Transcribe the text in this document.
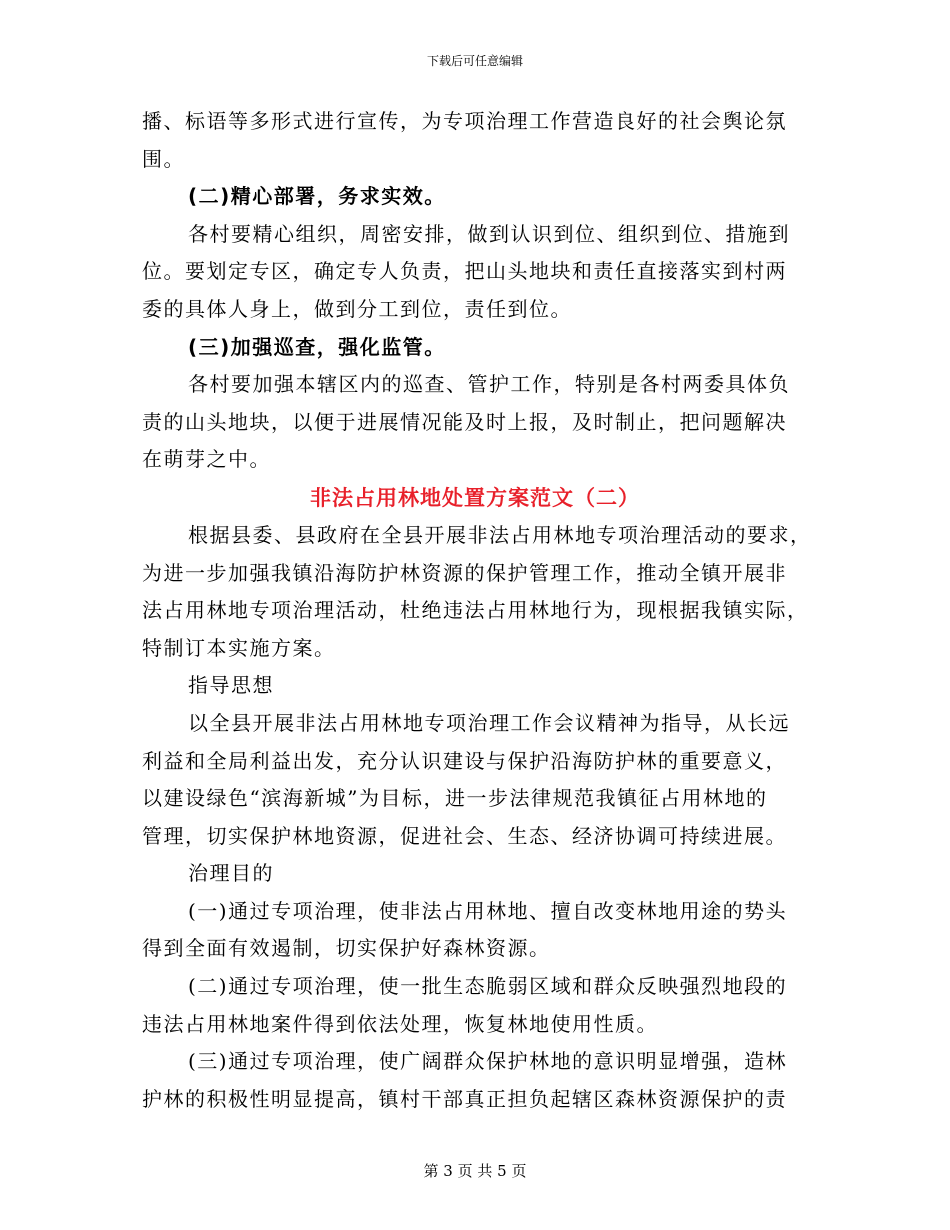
下载后可任意编辑
播、标语等多形式进行宣传，为专项治理工作营造良好的社会舆论氛
围。
(二)精心部署，务求实效。
各村要精心组织，周密安排，做到认识到位、组织到位、措施到
位。要划定专区，确定专人负责，把山头地块和责任直接落实到村两
委的具体人身上，做到分工到位，责任到位。
(三)加强巡查，强化监管。
各村要加强本辖区内的巡查、管护工作，特别是各村两委具体负
责的山头地块，以便于进展情况能及时上报，及时制止，把问题解决
在萌芽之中。
非法占用林地处置方案范文（二）
根据县委、县政府在全县开展非法占用林地专项治理活动的要求，
为进一步加强我镇沿海防护林资源的保护管理工作，推动全镇开展非
法占用林地专项治理活动，杜绝违法占用林地行为，现根据我镇实际，
特制订本实施方案。
指导思想
以全县开展非法占用林地专项治理工作会议精神为指导，从长远
利益和全局利益出发，充分认识建设与保护沿海防护林的重要意义，
以建设绿色“滨海新城”为目标，进一步法律规范我镇征占用林地的
管理，切实保护林地资源，促进社会、生态、经济协调可持续进展。
治理目的
(一)通过专项治理，使非法占用林地、擅自改变林地用途的势头
得到全面有效遏制，切实保护好森林资源。
(二)通过专项治理，使一批生态脆弱区域和群众反映强烈地段的
违法占用林地案件得到依法处理，恢复林地使用性质。
(三)通过专项治理，使广阔群众保护林地的意识明显增强，造林
护林的积极性明显提高，镇村干部真正担负起辖区森林资源保护的责
第 3 页 共 5 页
